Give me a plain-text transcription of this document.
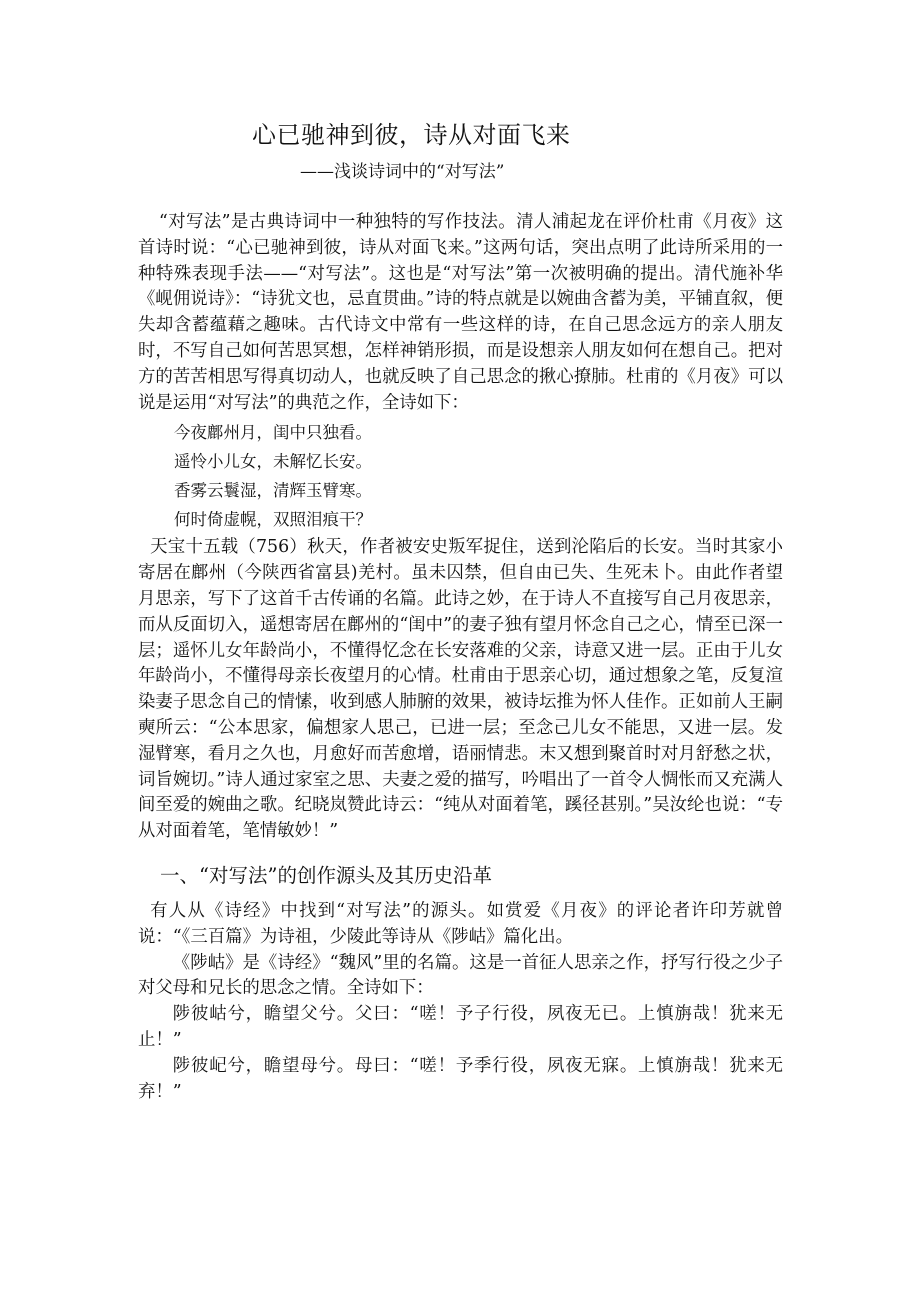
心已驰神到彼，诗从对面飞来
——浅谈诗词中的“对写法”

“对写法”是古典诗词中一种独特的写作技法。清人浦起龙在评价杜甫《月夜》这首诗时说：“心已驰神到彼，诗从对面飞来。”这两句话，突出点明了此诗所采用的一种特殊表现手法——“对写法”。这也是“对写法”第一次被明确的提出。清代施补华《岘佣说诗》：“诗犹文也，忌直贯曲。”诗的特点就是以婉曲含蓄为美，平铺直叙，便失却含蓄蕴藉之趣味。古代诗文中常有一些这样的诗，在自己思念远方的亲人朋友时，不写自己如何苦思冥想，怎样神销形损，而是设想亲人朋友如何在想自己。把对方的苦苦相思写得真切动人，也就反映了自己思念的揪心撩肺。杜甫的《月夜》可以说是运用“对写法”的典范之作，全诗如下：

今夜鄜州月，闺中只独看。
遥怜小儿女，未解忆长安。
香雾云鬟湿，清辉玉臂寒。
何时倚虚幌，双照泪痕干？

天宝十五载（756）秋天，作者被安史叛军捉住，送到沦陷后的长安。当时其家小寄居在鄜州（今陕西省富县)羌村。虽未囚禁，但自由已失、生死未卜。由此作者望月思亲，写下了这首千古传诵的名篇。此诗之妙，在于诗人不直接写自己月夜思亲，而从反面切入，遥想寄居在鄜州的“闺中”的妻子独有望月怀念自己之心，情至已深一层；遥怀儿女年龄尚小，不懂得忆念在长安落难的父亲，诗意又进一层。正由于儿女年龄尚小，不懂得母亲长夜望月的心情。杜甫由于思亲心切，通过想象之笔，反复渲染妻子思念自己的情愫，收到感人肺腑的效果，被诗坛推为怀人佳作。正如前人王嗣奭所云：“公本思家，偏想家人思己，已进一层；至念己儿女不能思，又进一层。发湿臂寒，看月之久也，月愈好而苦愈增，语丽情悲。末又想到聚首时对月舒愁之状，词旨婉切。”诗人通过家室之思、夫妻之爱的描写，吟唱出了一首令人惆怅而又充满人间至爱的婉曲之歌。纪晓岚赞此诗云：“纯从对面着笔，蹊径甚别。”吴汝纶也说：“专从对面着笔，笔情敏妙！”

一、“对写法”的创作源头及其历史沿革

有人从《诗经》中找到“对写法”的源头。如赏爱《月夜》的评论者许印芳就曾说：“《三百篇》为诗祖，少陵此等诗从《陟岵》篇化出。

《陟岵》是《诗经》“魏风”里的名篇。这是一首征人思亲之作，抒写行役之少子对父母和兄长的思念之情。全诗如下：

陟彼岵兮，瞻望父兮。父曰：“嗟！予子行役，夙夜无已。上慎旃哉！犹来无止！”

陟彼屺兮，瞻望母兮。母曰：“嗟！予季行役，夙夜无寐。上慎旃哉！犹来无弃！”
